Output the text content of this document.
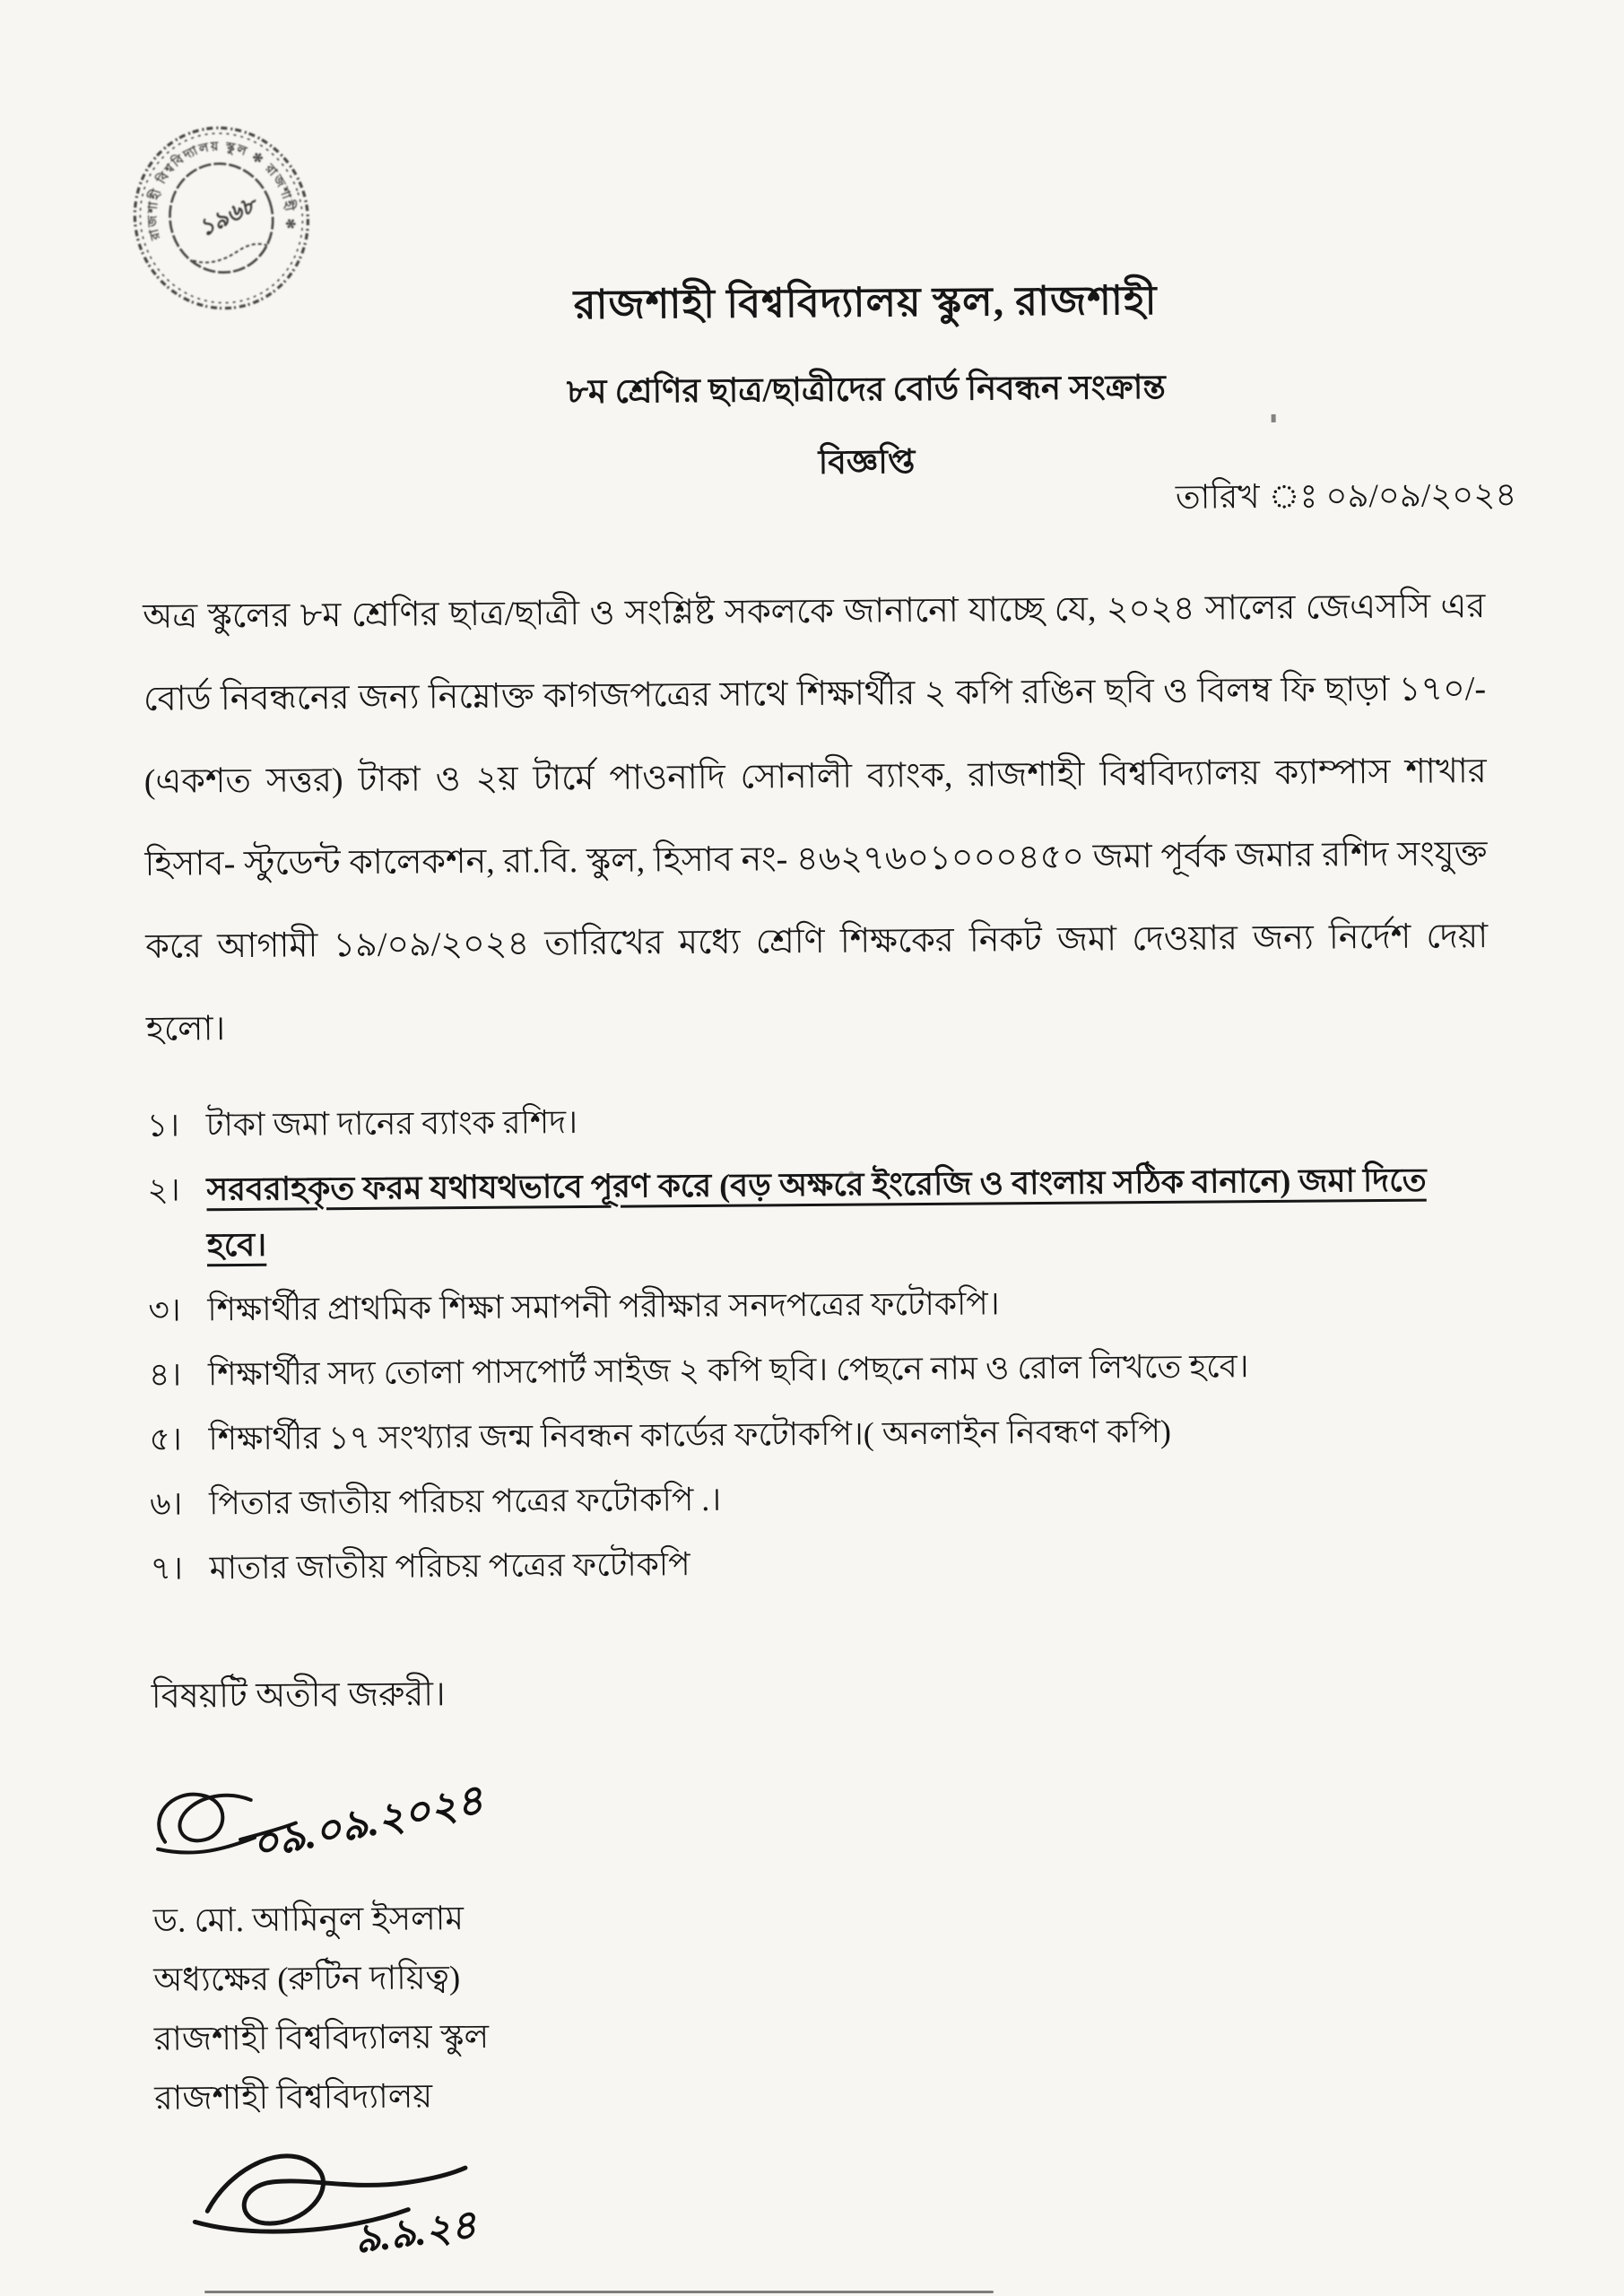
রাজশাহী বিশ্ববিদ্যালয় স্কুল ✻ রাজশাহী ✻
১৯৬৮
রাজশাহী বিশ্ববিদ্যালয় স্কুল, রাজশাহী
৮ম শ্রেণির ছাত্র/ছাত্রীদের বোর্ড নিবন্ধন সংক্রান্ত
বিজ্ঞপ্তি
তারিখ ঃ ০৯/০৯/২০২৪

অত্র স্কুলের ৮ম শ্রেণির ছাত্র/ছাত্রী ও সংশ্লিষ্ট সকলকে জানানো যাচ্ছে যে, ২০২৪ সালের জেএসসি এর বোর্ড নিবন্ধনের জন্য নিম্নোক্ত কাগজপত্রের সাথে শিক্ষার্থীর ২ কপি রঙিন ছবি ও বিলম্ব ফি ছাড়া ১৭০/- (একশত সত্তর) টাকা ও ২য় টার্মে পাওনাদি সোনালী ব্যাংক, রাজশাহী বিশ্ববিদ্যালয় ক্যাম্পাস শাখার হিসাব- স্টুডেন্ট কালেকশন, রা.বি. স্কুল, হিসাব নং- ৪৬২৭৬০১০০০৪৫০ জমা পূর্বক জমার রশিদ সংযুক্ত করে আগামী ১৯/০৯/২০২৪ তারিখের মধ্যে শ্রেণি শিক্ষকের নিকট জমা দেওয়ার জন্য নির্দেশ দেয়া হলো।

১। টাকা জমা দানের ব্যাংক রশিদ।
২। সরবরাহকৃত ফরম যথাযথভাবে পূরণ করে (বড় অক্ষরে ইংরেজি ও বাংলায় সঠিক বানানে) জমা দিতে হবে।
৩। শিক্ষার্থীর প্রাথমিক শিক্ষা সমাপনী পরীক্ষার সনদপত্রের ফটোকপি।
৪। শিক্ষার্থীর সদ্য তোলা পাসপোর্ট সাইজ ২ কপি ছবি। পেছনে নাম ও রোল লিখতে হবে।
৫। শিক্ষার্থীর ১৭ সংখ্যার জন্ম নিবন্ধন কার্ডের ফটোকপি।( অনলাইন নিবন্ধণ কপি)
৬। পিতার জাতীয় পরিচয় পত্রের ফটোকপি .।
৭। মাতার জাতীয় পরিচয় পত্রের ফটোকপি
বিষয়টি অতীব জরুরী।
০৯.০৯.২০২৪
ড. মো. আমিনুল ইসলাম
অধ্যক্ষের (রুটিন দায়িত্ব)
রাজশাহী বিশ্ববিদ্যালয় স্কুল
রাজশাহী বিশ্ববিদ্যালয়
৯.৯.২৪
